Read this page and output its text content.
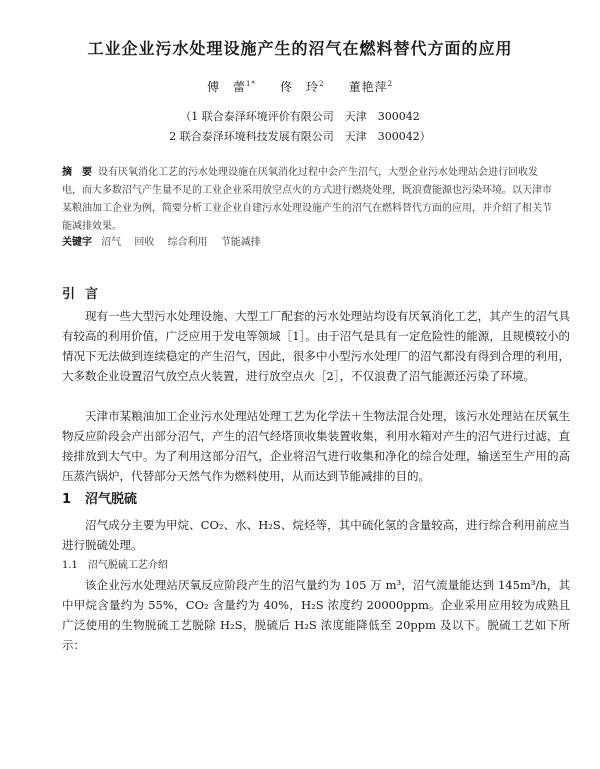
工业企业污水处理设施产生的沼气在燃料替代方面的应用
傅　蕾$^{1*}$ 佟　玲$^2$ 董艳萍$^2$
（1 联合泰泽环境评价有限公司　天津　300042
2 联合泰泽环境科技发展有限公司　天津　300042）
摘　要 设有厌氧消化工艺的污水处理设施在厌氧消化过程中会产生沼气，大型企业污水处理站会进行回收发电，而大多数沼气产生量不足的工业企业采用放空点火的方式进行燃烧处理，既浪费能源也污染环境。以天津市某粮油加工企业为例，简要分析工业企业自建污水处理设施产生的沼气在燃料替代方面的应用，并介绍了相关节能减排效果。
关键字 沼气 回收 综合利用 节能减排
引言
现有一些大型污水处理设施、大型工厂配套的污水处理站均设有厌氧消化工艺，其产生的沼气具有较高的利用价值，广泛应用于发电等领域［1］。由于沼气是具有一定危险性的能源，且规模较小的情况下无法做到连续稳定的产生沼气，因此，很多中小型污水处理厂的沼气都没有得到合理的利用，大多数企业设置沼气放空点火装置，进行放空点火［2］，不仅浪费了沼气能源还污染了环境。
天津市某粮油加工企业污水处理站处理工艺为化学法＋生物法混合处理，该污水处理站在厌氧生物反应阶段会产出部分沼气，产生的沼气经塔顶收集装置收集，利用水箱对产生的沼气进行过滤，直接排放到大气中。为了利用这部分沼气，企业将沼气进行收集和净化的综合处理，输送至生产用的高压蒸汽锅炉，代替部分天然气作为燃料使用，从而达到节能减排的目的。
1 沼气脱硫
沼气成分主要为甲烷、CO₂、水、H₂S、烷烃等，其中硫化氢的含量较高，进行综合利用前应当进行脱硫处理。
1.1 沼气脱硫工艺介绍
该企业污水处理站厌氧反应阶段产生的沼气量约为 105 万 m³，沼气流量能达到 145m³/h，其中甲烷含量约为 55%，CO₂ 含量约为 40%，H₂S 浓度约 20000ppm。企业采用应用较为成熟且广泛使用的生物脱硫工艺脱除 H₂S，脱硫后 H₂S 浓度能降低至 20ppm 及以下。脱硫工艺如下所示：
